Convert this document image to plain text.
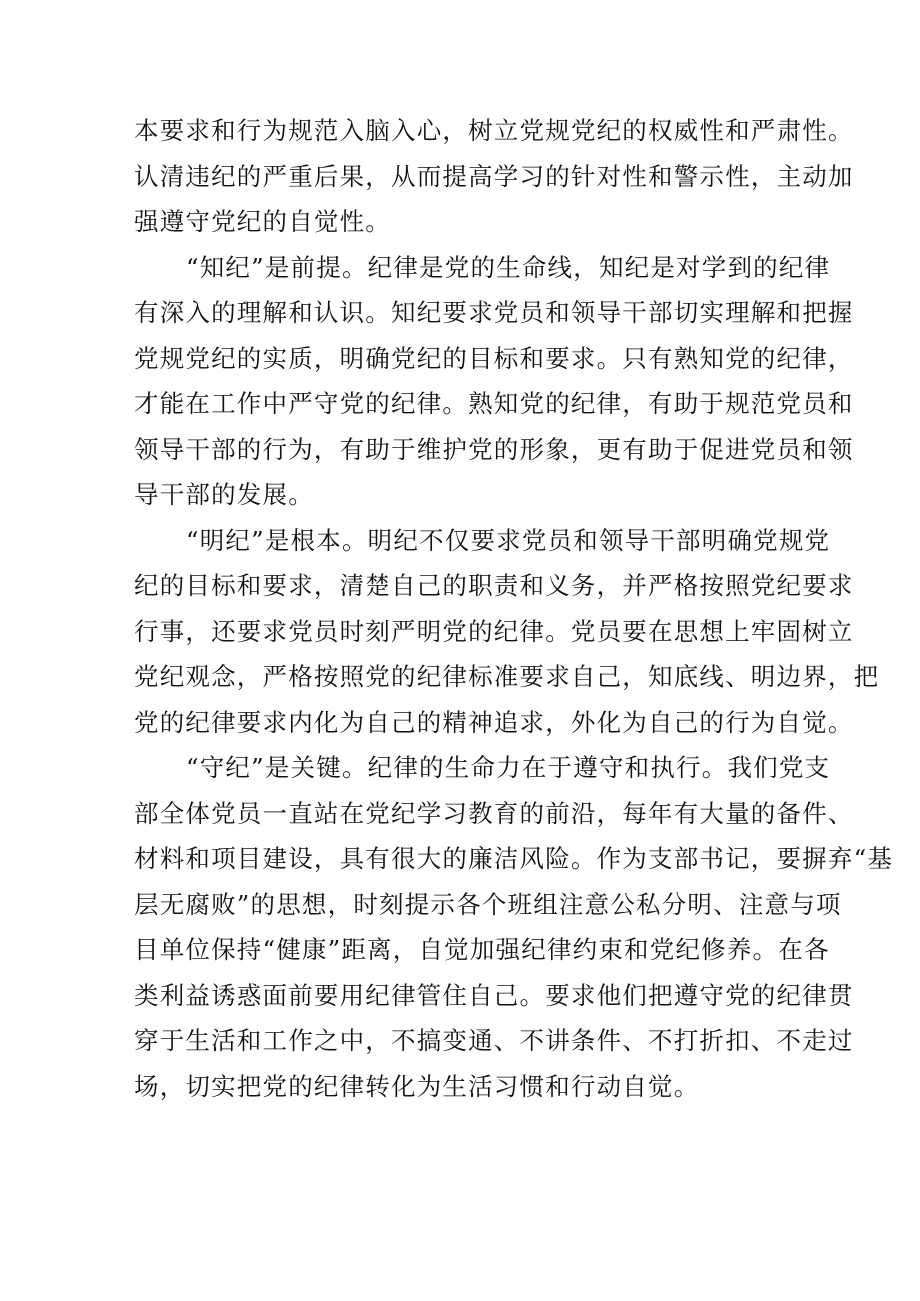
本要求和行为规范入脑入心，树立党规党纪的权威性和严肃性。
认清违纪的严重后果，从而提高学习的针对性和警示性，主动加
强遵守党纪的自觉性。
“知纪”是前提。纪律是党的生命线，知纪是对学到的纪律
有深入的理解和认识。知纪要求党员和领导干部切实理解和把握
党规党纪的实质，明确党纪的目标和要求。只有熟知党的纪律，
才能在工作中严守党的纪律。熟知党的纪律，有助于规范党员和
领导干部的行为，有助于维护党的形象，更有助于促进党员和领
导干部的发展。
“明纪”是根本。明纪不仅要求党员和领导干部明确党规党
纪的目标和要求，清楚自己的职责和义务，并严格按照党纪要求
行事，还要求党员时刻严明党的纪律。党员要在思想上牢固树立
党纪观念，严格按照党的纪律标准要求自己，知底线、明边界，把
党的纪律要求内化为自己的精神追求，外化为自己的行为自觉。
“守纪”是关键。纪律的生命力在于遵守和执行。我们党支
部全体党员一直站在党纪学习教育的前沿，每年有大量的备件、
材料和项目建设，具有很大的廉洁风险。作为支部书记，要摒弃“基
层无腐败”的思想，时刻提示各个班组注意公私分明、注意与项
目单位保持“健康”距离，自觉加强纪律约束和党纪修养。在各
类利益诱惑面前要用纪律管住自己。要求他们把遵守党的纪律贯
穿于生活和工作之中，不搞变通、不讲条件、不打折扣、不走过
场，切实把党的纪律转化为生活习惯和行动自觉。
